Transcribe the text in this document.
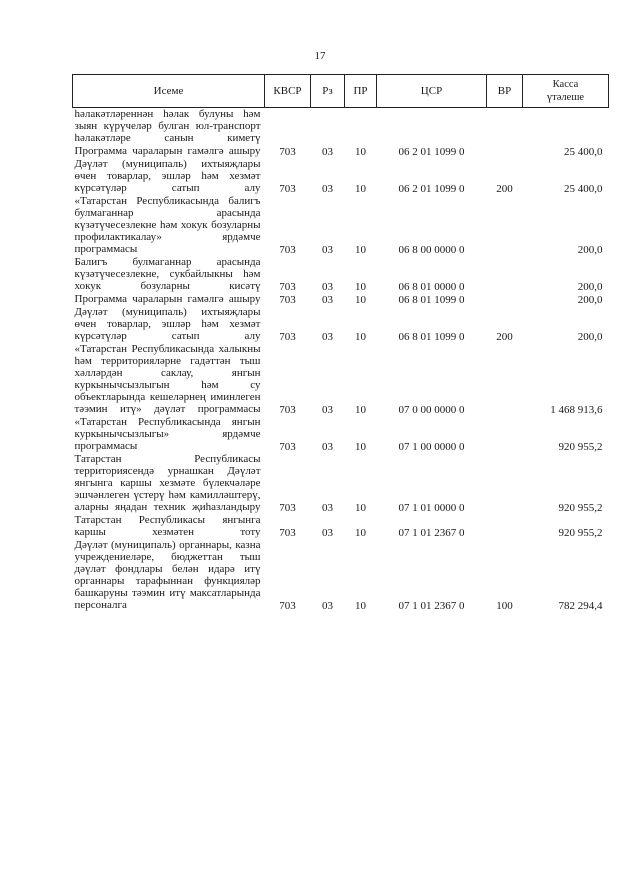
17
Исеме	КВСР	Рз	ПР	ЦСР	ВР	Касса
үтәлеше
һәлакәтләреннән һәлак булуны һәм зыян күрүчеләр булган юл-транспорт һәлакәтләре санын киметү						
Программа чараларын гамәлгә ашыру	703	03	10	06 2 01 1099 0		25 400,0
Дәүләт (муниципаль) ихтыяҗлары өчен товарлар, эшләр һәм хезмәт күрсәтүләр сатып алу	703	03	10	06 2 01 1099 0	200	25 400,0
«Татарстан Республикасында балигъ булмаганнар арасында күзәтүчесезлекне һәм хокук бозуларны профилактикалау» ярдәмче программасы	703	03	10	06 8 00 0000 0		200,0
Балигъ булмаганнар арасында күзәтүчесезлекне, сукбайлыкны һәм хокук бозуларны кисәтү	703	03	10	06 8 01 0000 0		200,0
Программа чараларын гамәлгә ашыру	703	03	10	06 8 01 1099 0		200,0
Дәүләт (муниципаль) ихтыяҗлары өчен товарлар, эшләр һәм хезмәт күрсәтүләр сатып алу	703	03	10	06 8 01 1099 0	200	200,0
«Татарстан Республикасында халыкны һәм территорияләрне гадәттән тыш хәлләрдән саклау, янгын куркынычсызлыгын һәм су объектларында кешеләрнең иминлеген тәэмин итү» дәүләт программасы	703	03	10	07 0 00 0000 0		1 468 913,6
«Татарстан Республикасында янгын куркынычсызлыгы» ярдәмче программасы	703	03	10	07 1 00 0000 0		920 955,2
Татарстан Республикасы территориясендә урнашкан Дәүләт янгынга каршы хезмәте бүлекчәләре эшчәнлеген үстерү һәм камилләштерү, аларны яңадан техник җиһазландыру	703	03	10	07 1 01 0000 0		920 955,2
Татарстан Республикасы янгынга каршы хезмәтен тоту	703	03	10	07 1 01 2367 0		920 955,2
Дәүләт (муниципаль) органнары, казна учреждениеләре, бюджеттан тыш дәүләт фондлары белән идарә итү органнары тарафыннан функцияләр башкаруны тәэмин итү максатларында персоналга	703	03	10	07 1 01 2367 0	100	782 294,4
